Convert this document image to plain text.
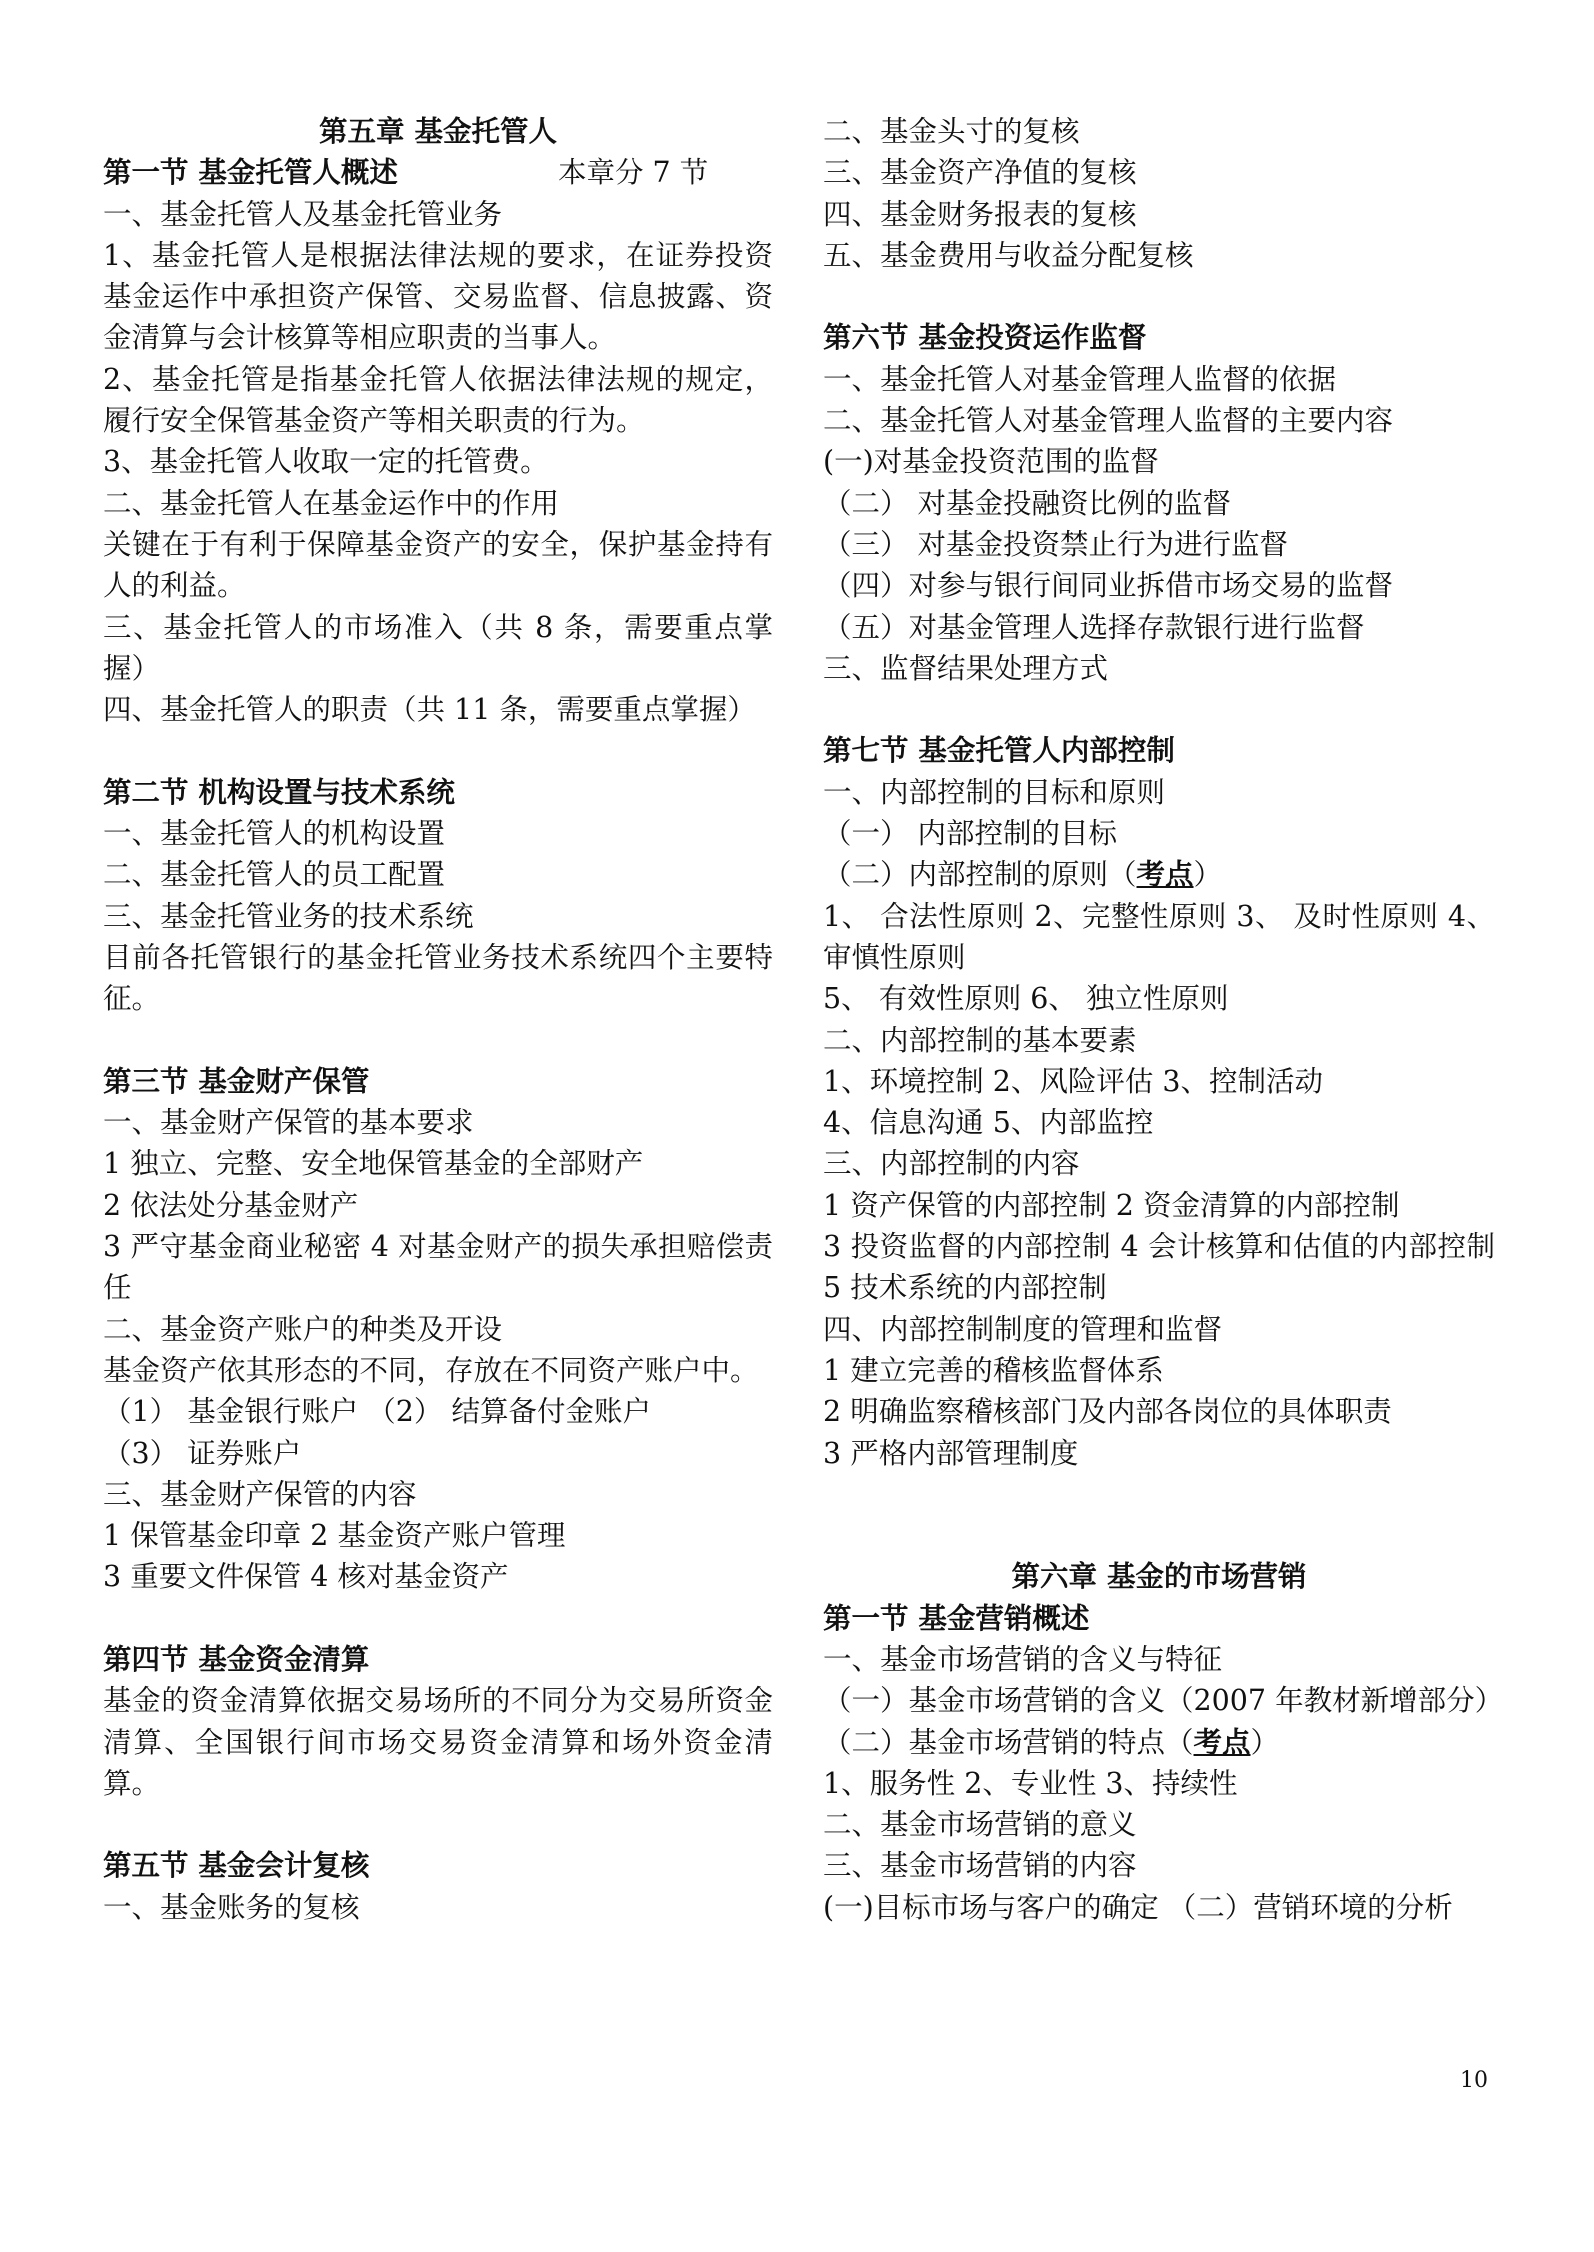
第五章 基金托管人
第一节 基金托管人概述	本章分 7 节
一、基金托管人及基金托管业务
1、基金托管人是根据法律法规的要求，在证券投资基金运作中承担资产保管、交易监督、信息披露、资金清算与会计核算等相应职责的当事人。
2、基金托管是指基金托管人依据法律法规的规定，履行安全保管基金资产等相关职责的行为。
3、基金托管人收取一定的托管费。
二、基金托管人在基金运作中的作用
关键在于有利于保障基金资产的安全，保护基金持有人的利益。
三、基金托管人的市场准入（共 8 条，需要重点掌握）
四、基金托管人的职责（共 11 条，需要重点掌握）
第二节 机构设置与技术系统
一、基金托管人的机构设置
二、基金托管人的员工配置
三、基金托管业务的技术系统
目前各托管银行的基金托管业务技术系统四个主要特征。
第三节 基金财产保管
一、基金财产保管的基本要求
1 独立、完整、安全地保管基金的全部财产
2 依法处分基金财产
3 严守基金商业秘密 4 对基金财产的损失承担赔偿责任
二、基金资产账户的种类及开设
基金资产依其形态的不同，存放在不同资产账户中。
（1） 基金银行账户 （2） 结算备付金账户
（3） 证券账户
三、基金财产保管的内容
1 保管基金印章 2 基金资产账户管理
3 重要文件保管 4 核对基金资产
第四节 基金资金清算
基金的资金清算依据交易场所的不同分为交易所资金清算、全国银行间市场交易资金清算和场外资金清算。
第五节 基金会计复核
一、基金账务的复核
二、基金头寸的复核
三、基金资产净值的复核
四、基金财务报表的复核
五、基金费用与收益分配复核
第六节 基金投资运作监督
一、基金托管人对基金管理人监督的依据
二、基金托管人对基金管理人监督的主要内容
(一)对基金投资范围的监督
（二） 对基金投融资比例的监督
（三） 对基金投资禁止行为进行监督
（四）对参与银行间同业拆借市场交易的监督
（五）对基金管理人选择存款银行进行监督
三、监督结果处理方式
第七节 基金托管人内部控制
一、内部控制的目标和原则
（一） 内部控制的目标
（二）内部控制的原则（考点）
1、 合法性原则 2、完整性原则 3、 及时性原则 4、 审慎性原则
5、 有效性原则 6、 独立性原则
二、内部控制的基本要素
1、环境控制 2、风险评估 3、控制活动
4、信息沟通 5、内部监控
三、内部控制的内容
1 资产保管的内部控制 2 资金清算的内部控制
3 投资监督的内部控制 4 会计核算和估值的内部控制 5 技术系统的内部控制
四、内部控制制度的管理和监督
1 建立完善的稽核监督体系
2 明确监察稽核部门及内部各岗位的具体职责
3 严格内部管理制度
第六章 基金的市场营销
第一节 基金营销概述
一、基金市场营销的含义与特征
（一）基金市场营销的含义（2007 年教材新增部分）
（二）基金市场营销的特点（考点）
1、服务性 2、专业性 3、持续性
二、基金市场营销的意义
三、基金市场营销的内容
(一)目标市场与客户的确定 （二）营销环境的分析
10
